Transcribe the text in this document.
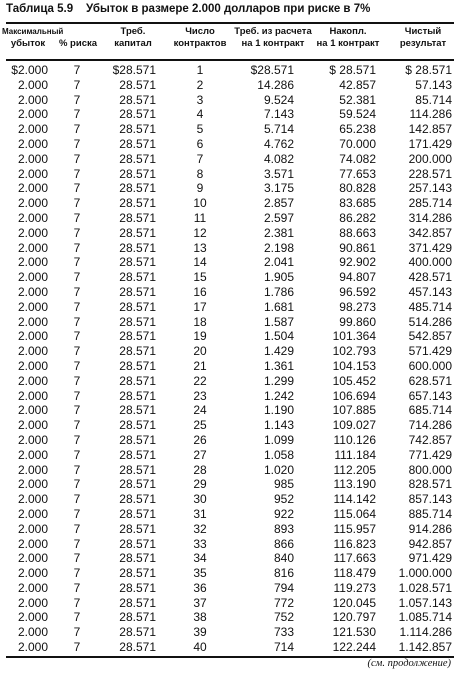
Таблица 5.9 Убыток в размере 2.000 долларов при риске в 7%
Максимальный
убыток
	% риска
Треб.
капитал
Число
контрактов
Треб. из расчета
на 1 контракт
Накопл.
на 1 контракт
Чистый
результат
$2.000	7	$28.571	1	$28.571	$ 28.571	$ 28.571
2.000	7	28.571	2	14.286	42.857	57.143
2.000	7	28.571	3	9.524	52.381	85.714
2.000	7	28.571	4	7.143	59.524	114.286
2.000	7	28.571	5	5.714	65.238	142.857
2.000	7	28.571	6	4.762	70.000	171.429
2.000	7	28.571	7	4.082	74.082	200.000
2.000	7	28.571	8	3.571	77.653	228.571
2.000	7	28.571	9	3.175	80.828	257.143
2.000	7	28.571	10	2.857	83.685	285.714
2.000	7	28.571	11	2.597	86.282	314.286
2.000	7	28.571	12	2.381	88.663	342.857
2.000	7	28.571	13	2.198	90.861	371.429
2.000	7	28.571	14	2.041	92.902	400.000
2.000	7	28.571	15	1.905	94.807	428.571
2.000	7	28.571	16	1.786	96.592	457.143
2.000	7	28.571	17	1.681	98.273	485.714
2.000	7	28.571	18	1.587	99.860	514.286
2.000	7	28.571	19	1.504	101.364	542.857
2.000	7	28.571	20	1.429	102.793	571.429
2.000	7	28.571	21	1.361	104.153	600.000
2.000	7	28.571	22	1.299	105.452	628.571
2.000	7	28.571	23	1.242	106.694	657.143
2.000	7	28.571	24	1.190	107.885	685.714
2.000	7	28.571	25	1.143	109.027	714.286
2.000	7	28.571	26	1.099	110.126	742.857
2.000	7	28.571	27	1.058	111.184	771.429
2.000	7	28.571	28	1.020	112.205	800.000
2.000	7	28.571	29	985	113.190	828.571
2.000	7	28.571	30	952	114.142	857.143
2.000	7	28.571	31	922	115.064	885.714
2.000	7	28.571	32	893	115.957	914.286
2.000	7	28.571	33	866	116.823	942.857
2.000	7	28.571	34	840	117.663	971.429
2.000	7	28.571	35	816	118.479	1.000.000
2.000	7	28.571	36	794	119.273	1.028.571
2.000	7	28.571	37	772	120.045	1.057.143
2.000	7	28.571	38	752	120.797	1.085.714
2.000	7	28.571	39	733	121.530	1.114.286
2.000	7	28.571	40	714	122.244	1.142.857
(см. продолжение)
